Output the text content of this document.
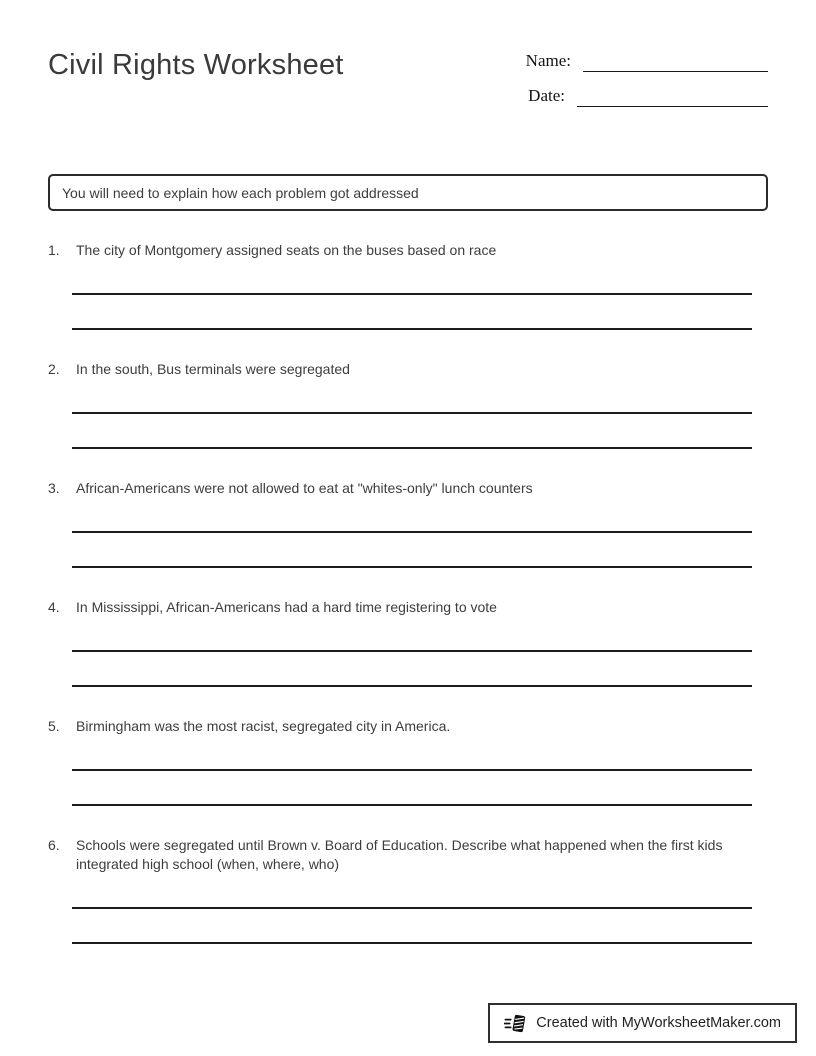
Civil Rights Worksheet	Name:
Date:
You will need to explain how each problem got addressed
1.	The city of Montgomery assigned seats on the buses based on race
2.	In the south, Bus terminals were segregated
3.	African-Americans were not allowed to eat at "whites-only" lunch counters
4.	In Mississippi, African-Americans had a hard time registering to vote
5.	Birmingham was the most racist, segregated city in America.
6.	Schools were segregated until Brown v. Board of Education. Describe what happened when the first kids integrated high school (when, where, who)
Created with MyWorksheetMaker.com
